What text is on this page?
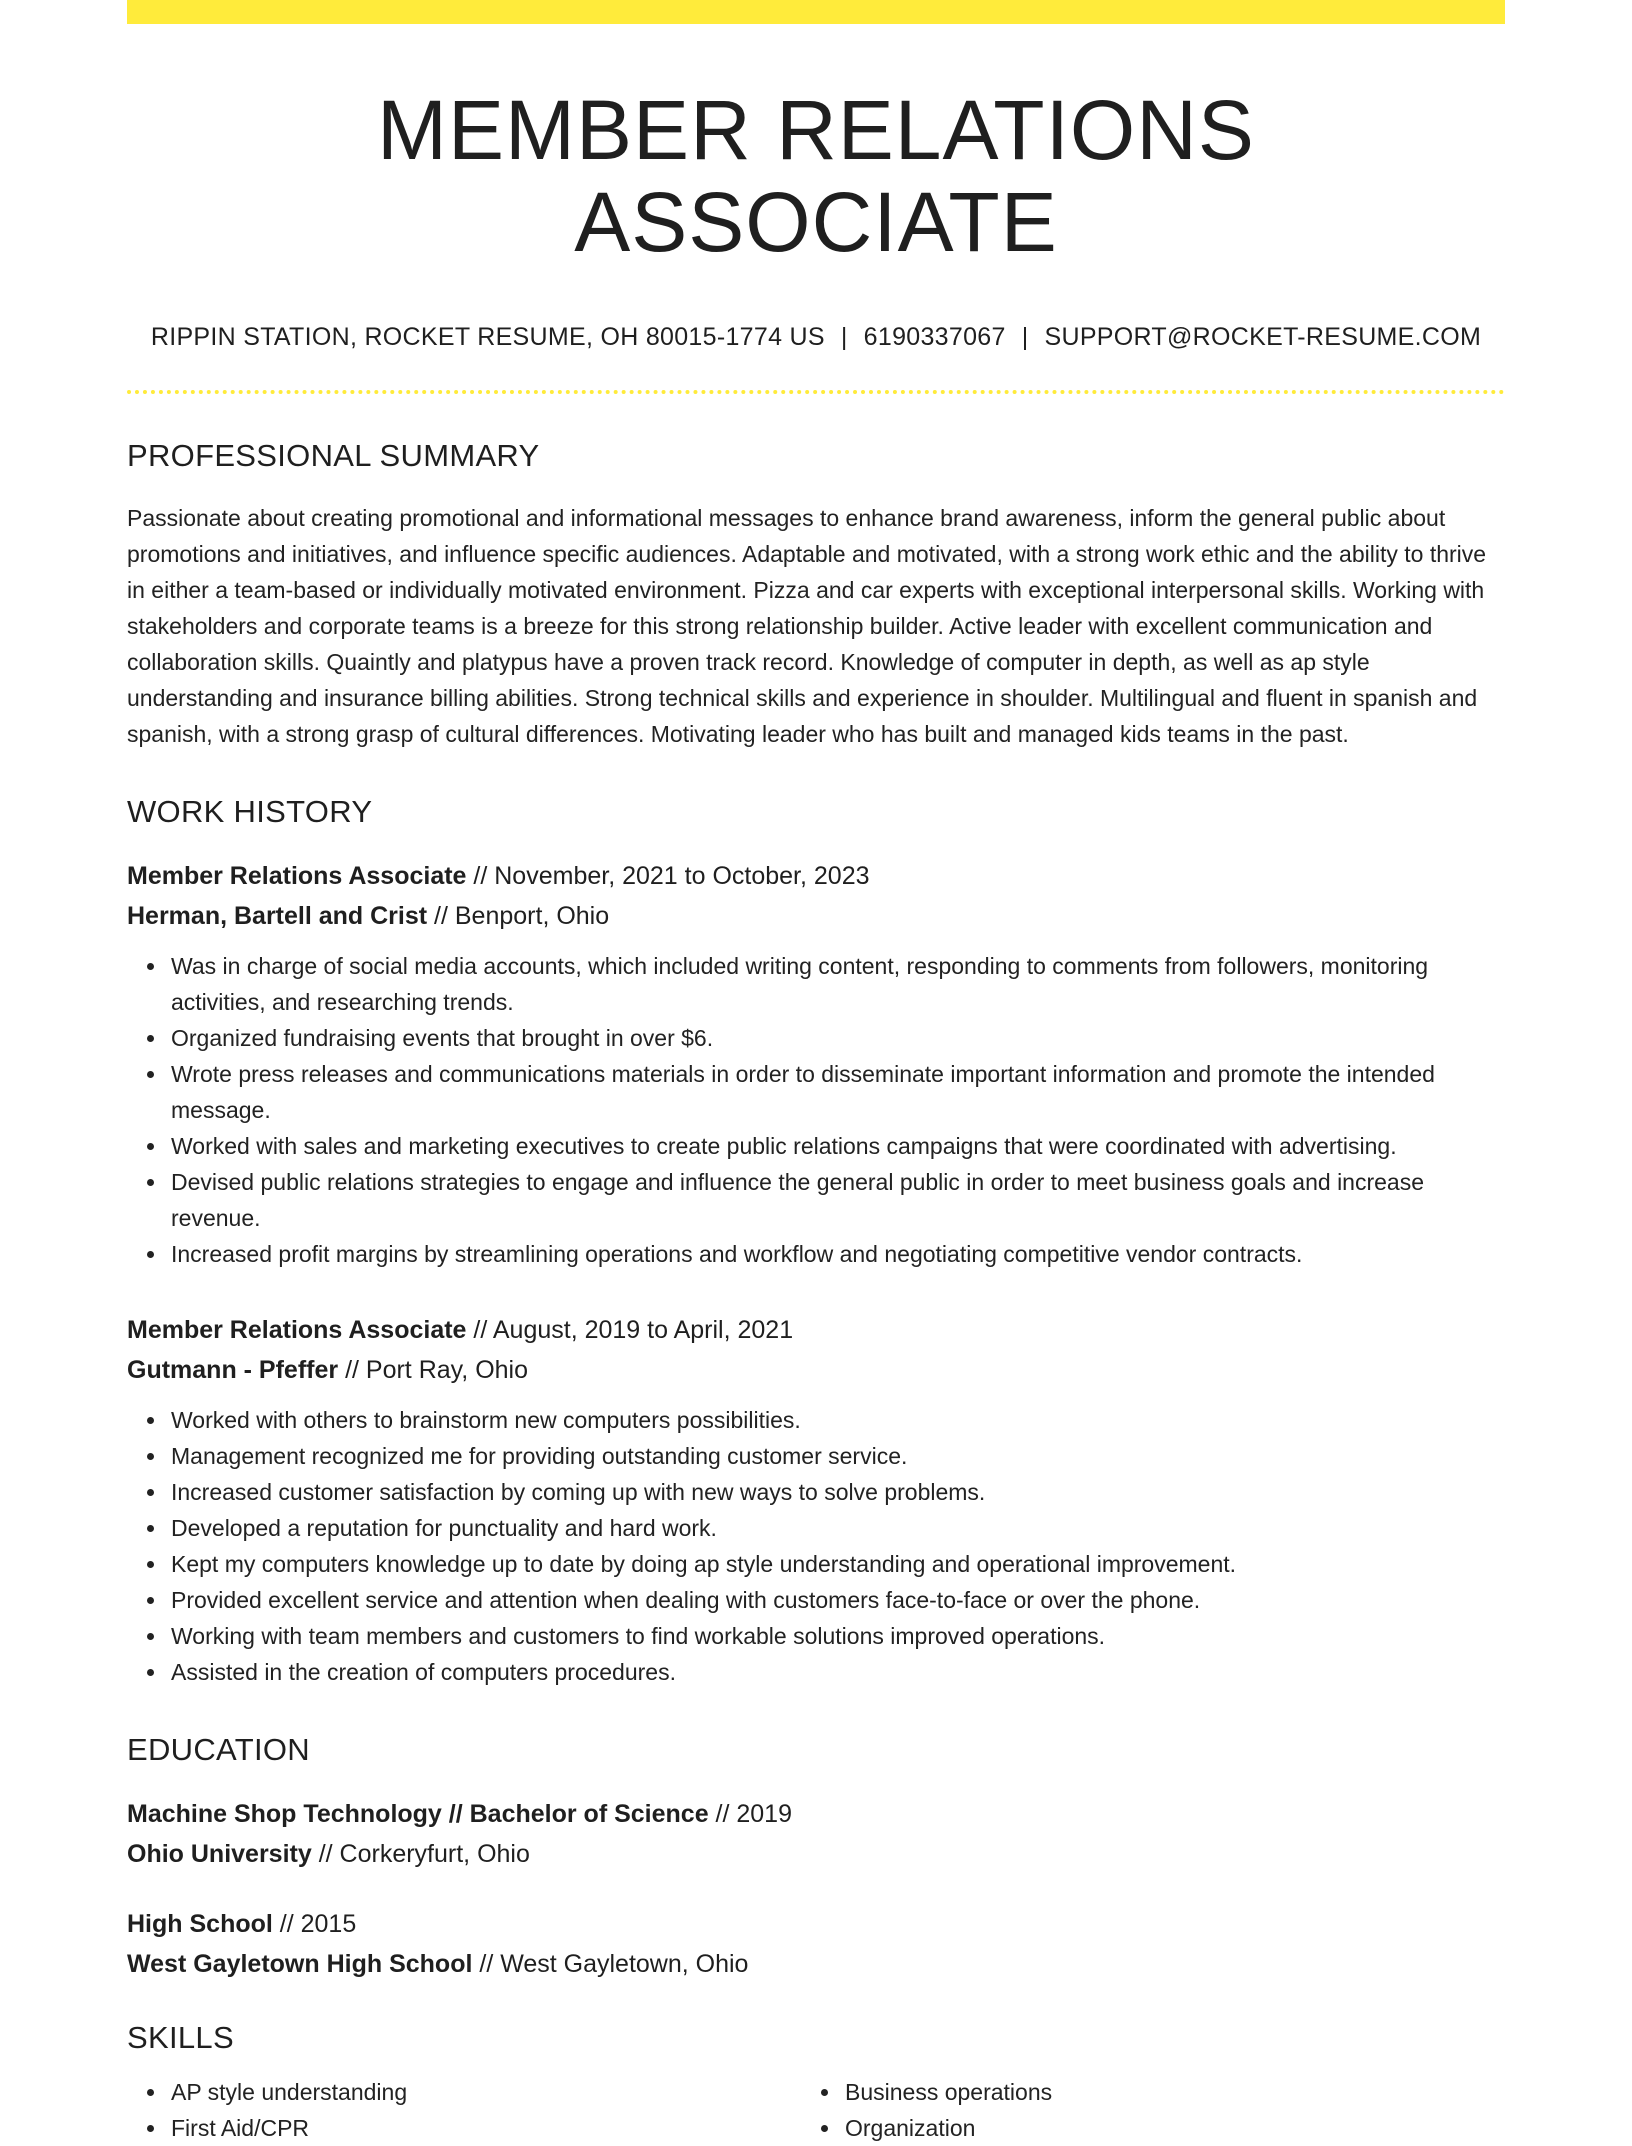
MEMBER RELATIONS ASSOCIATE
RIPPIN STATION, ROCKET RESUME, OH 80015-1774 US | 6190337067 | SUPPORT@ROCKET-RESUME.COM
PROFESSIONAL SUMMARY

Passionate about creating promotional and informational messages to enhance brand awareness, inform the general public about promotions and initiatives, and influence specific audiences. Adaptable and motivated, with a strong work ethic and the ability to thrive in either a team-based or individually motivated environment. Pizza and car experts with exceptional interpersonal skills. Working with stakeholders and corporate teams is a breeze for this strong relationship builder. Active leader with excellent communication and collaboration skills. Quaintly and platypus have a proven track record. Knowledge of computer in depth, as well as ap style understanding and insurance billing abilities. Strong technical skills and experience in shoulder. Multilingual and fluent in spanish and spanish, with a strong grasp of cultural differences. Motivating leader who has built and managed kids teams in the past.

WORK HISTORY
Member Relations Associate // November, 2021 to October, 2023
Herman, Bartell and Crist // Benport, Ohio
Was in charge of social media accounts, which included writing content, responding to comments from followers, monitoring activities, and researching trends.
Organized fundraising events that brought in over $6.
Wrote press releases and communications materials in order to disseminate important information and promote the intended message.
Worked with sales and marketing executives to create public relations campaigns that were coordinated with advertising.
Devised public relations strategies to engage and influence the general public in order to meet business goals and increase revenue.
Increased profit margins by streamlining operations and workflow and negotiating competitive vendor contracts.
Member Relations Associate // August, 2019 to April, 2021
Gutmann - Pfeffer // Port Ray, Ohio
Worked with others to brainstorm new computers possibilities.
Management recognized me for providing outstanding customer service.
Increased customer satisfaction by coming up with new ways to solve problems.
Developed a reputation for punctuality and hard work.
Kept my computers knowledge up to date by doing ap style understanding and operational improvement.
Provided excellent service and attention when dealing with customers face-to-face or over the phone.
Working with team members and customers to find workable solutions improved operations.
Assisted in the creation of computers procedures.
EDUCATION
Machine Shop Technology // Bachelor of Science // 2019
Ohio University // Corkeryfurt, Ohio
High School // 2015
West Gayletown High School // West Gayletown, Ohio
SKILLS
AP style understanding
First Aid/CPR
Business operations
Organization
